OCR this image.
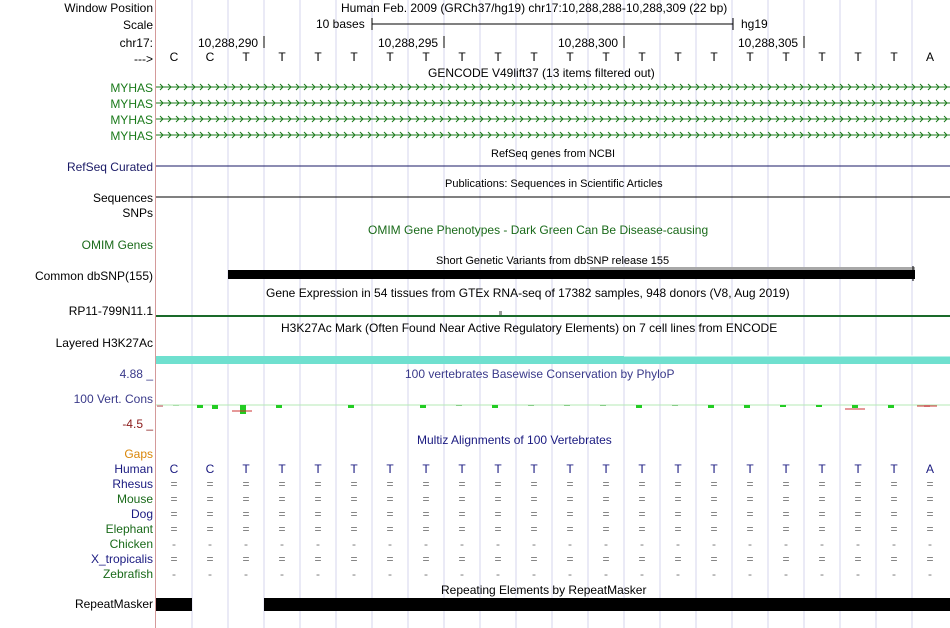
Window Position
Scale
chr17:
--->
Human Feb. 2009 (GRCh37/hg19) chr17:10,288,288-10,288,309 (22 bp)
10 bases	hg19
10,288,290	10,288,295	10,288,300	10,288,305
C	C	T	T	T	T	T	T	T	T	T	T	T	T	T	T	T	T	T	T	T	A
GENCODE V49lift37 (13 items filtered out)
MYHAS
MYHAS
MYHAS
MYHAS
RefSeq genes from NCBI
RefSeq Curated
Publications: Sequences in Scientific Articles
Sequences
SNPs
OMIM Gene Phenotypes - Dark Green Can Be Disease-causing
OMIM Genes
Short Genetic Variants from dbSNP release 155
Common dbSNP(155)
Gene Expression in 54 tissues from GTEx RNA-seq of 17382 samples, 948 donors (V8, Aug 2019)
RP11-799N11.1
H3K27Ac Mark (Often Found Near Active Regulatory Elements) on 7 cell lines from ENCODE
Layered H3K27Ac
100 vertebrates Basewise Conservation by PhyloP
4.88 _
100 Vert. Cons
-4.5 _
Multiz Alignments of 100 Vertebrates
Gaps
Human	C	C	T	T	T	T	T	T	T	T	T	T	T	T	T	T	T	T	T	T	T	A
Rhesus	=	=	=	=	=	=	=	=	=	=	=	=	=	=	=	=	=	=	=	=	=	=
Mouse	=	=	=	=	=	=	=	=	=	=	=	=	=	=	=	=	=	=	=	=	=	=
Dog	=	=	=	=	=	=	=	=	=	=	=	=	=	=	=	=	=	=	=	=	=	=
Elephant	=	=	=	=	=	=	=	=	=	=	=	=	=	=	=	=	=	=	=	=	=	=
Chicken	-	-	-	-	-	-	-	-	-	-	-	-	-	-	-	-	-	-	-	-	-	-
X_tropicalis	=	=	=	=	=	=	=	=	=	=	=	=	=	=	=	=	=	=	=	=	=	=
Zebrafish	-	-	-	-	-	-	-	-	-	-	-	-	-	-	-	-	-	-	-	-	-	-
Repeating Elements by RepeatMasker
RepeatMasker
